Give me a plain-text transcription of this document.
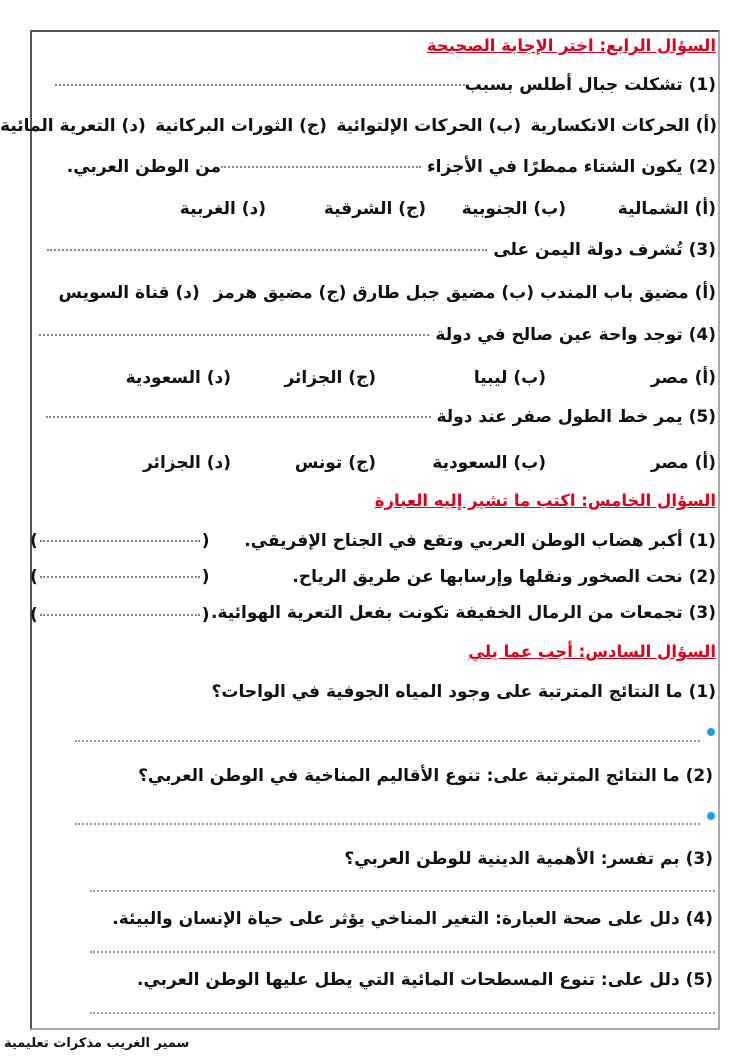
السؤال الرابع: اختر الإجابة الصحيحة
(1) تشكلت جبال أطلس بسبب
(أ) الحركات الانكسارية
(ب) الحركات الإلتوائية
(ج) الثورات البركانية
(د) التعرية المائية
(2) يكون الشتاء ممطرًا في الأجزاء من الوطن العربي.
(أ) الشمالية
(ب) الجنوبية
(ج) الشرقية
(د) الغربية
(3) تُشرف دولة اليمن على
(أ) مضيق باب المندب
(ب) مضيق جبل طارق
(ج) مضيق هرمز
(د) قناة السويس
(4) توجد واحة عين صالح في دولة
(أ) مصر
(ب) ليبيا
(ج) الجزائر
(د) السعودية
(5) يمر خط الطول صفر عند دولة
(أ) مصر
(ب) السعودية
(ج) تونس
(د) الجزائر
السؤال الخامس: اكتب ما تشير إليه العبارة
(1) أكبر هضاب الوطن العربي وتقع في الجناح الإفريقي.
(	)
(2) نحت الصخور ونقلها وإرسابها عن طريق الرياح.
(	)
(3) تجمعات من الرمال الخفيفة تكونت بفعل التعرية الهوائية.
(	)
السؤال السادس: أجب عما يلي
(1) ما النتائج المترتبة على وجود المياه الجوفية في الواحات؟
(2) ما النتائج المترتبة على: تنوع الأقاليم المناخية في الوطن العربي؟
(3) بم تفسر: الأهمية الدينية للوطن العربي؟
(4) دلل على صحة العبارة: التغير المناخي يؤثر على حياة الإنسان والبيئة.
(5) دلل على: تنوع المسطحات المائية التي يطل عليها الوطن العربي.
سمير الغريب مذكرات تعليمية
